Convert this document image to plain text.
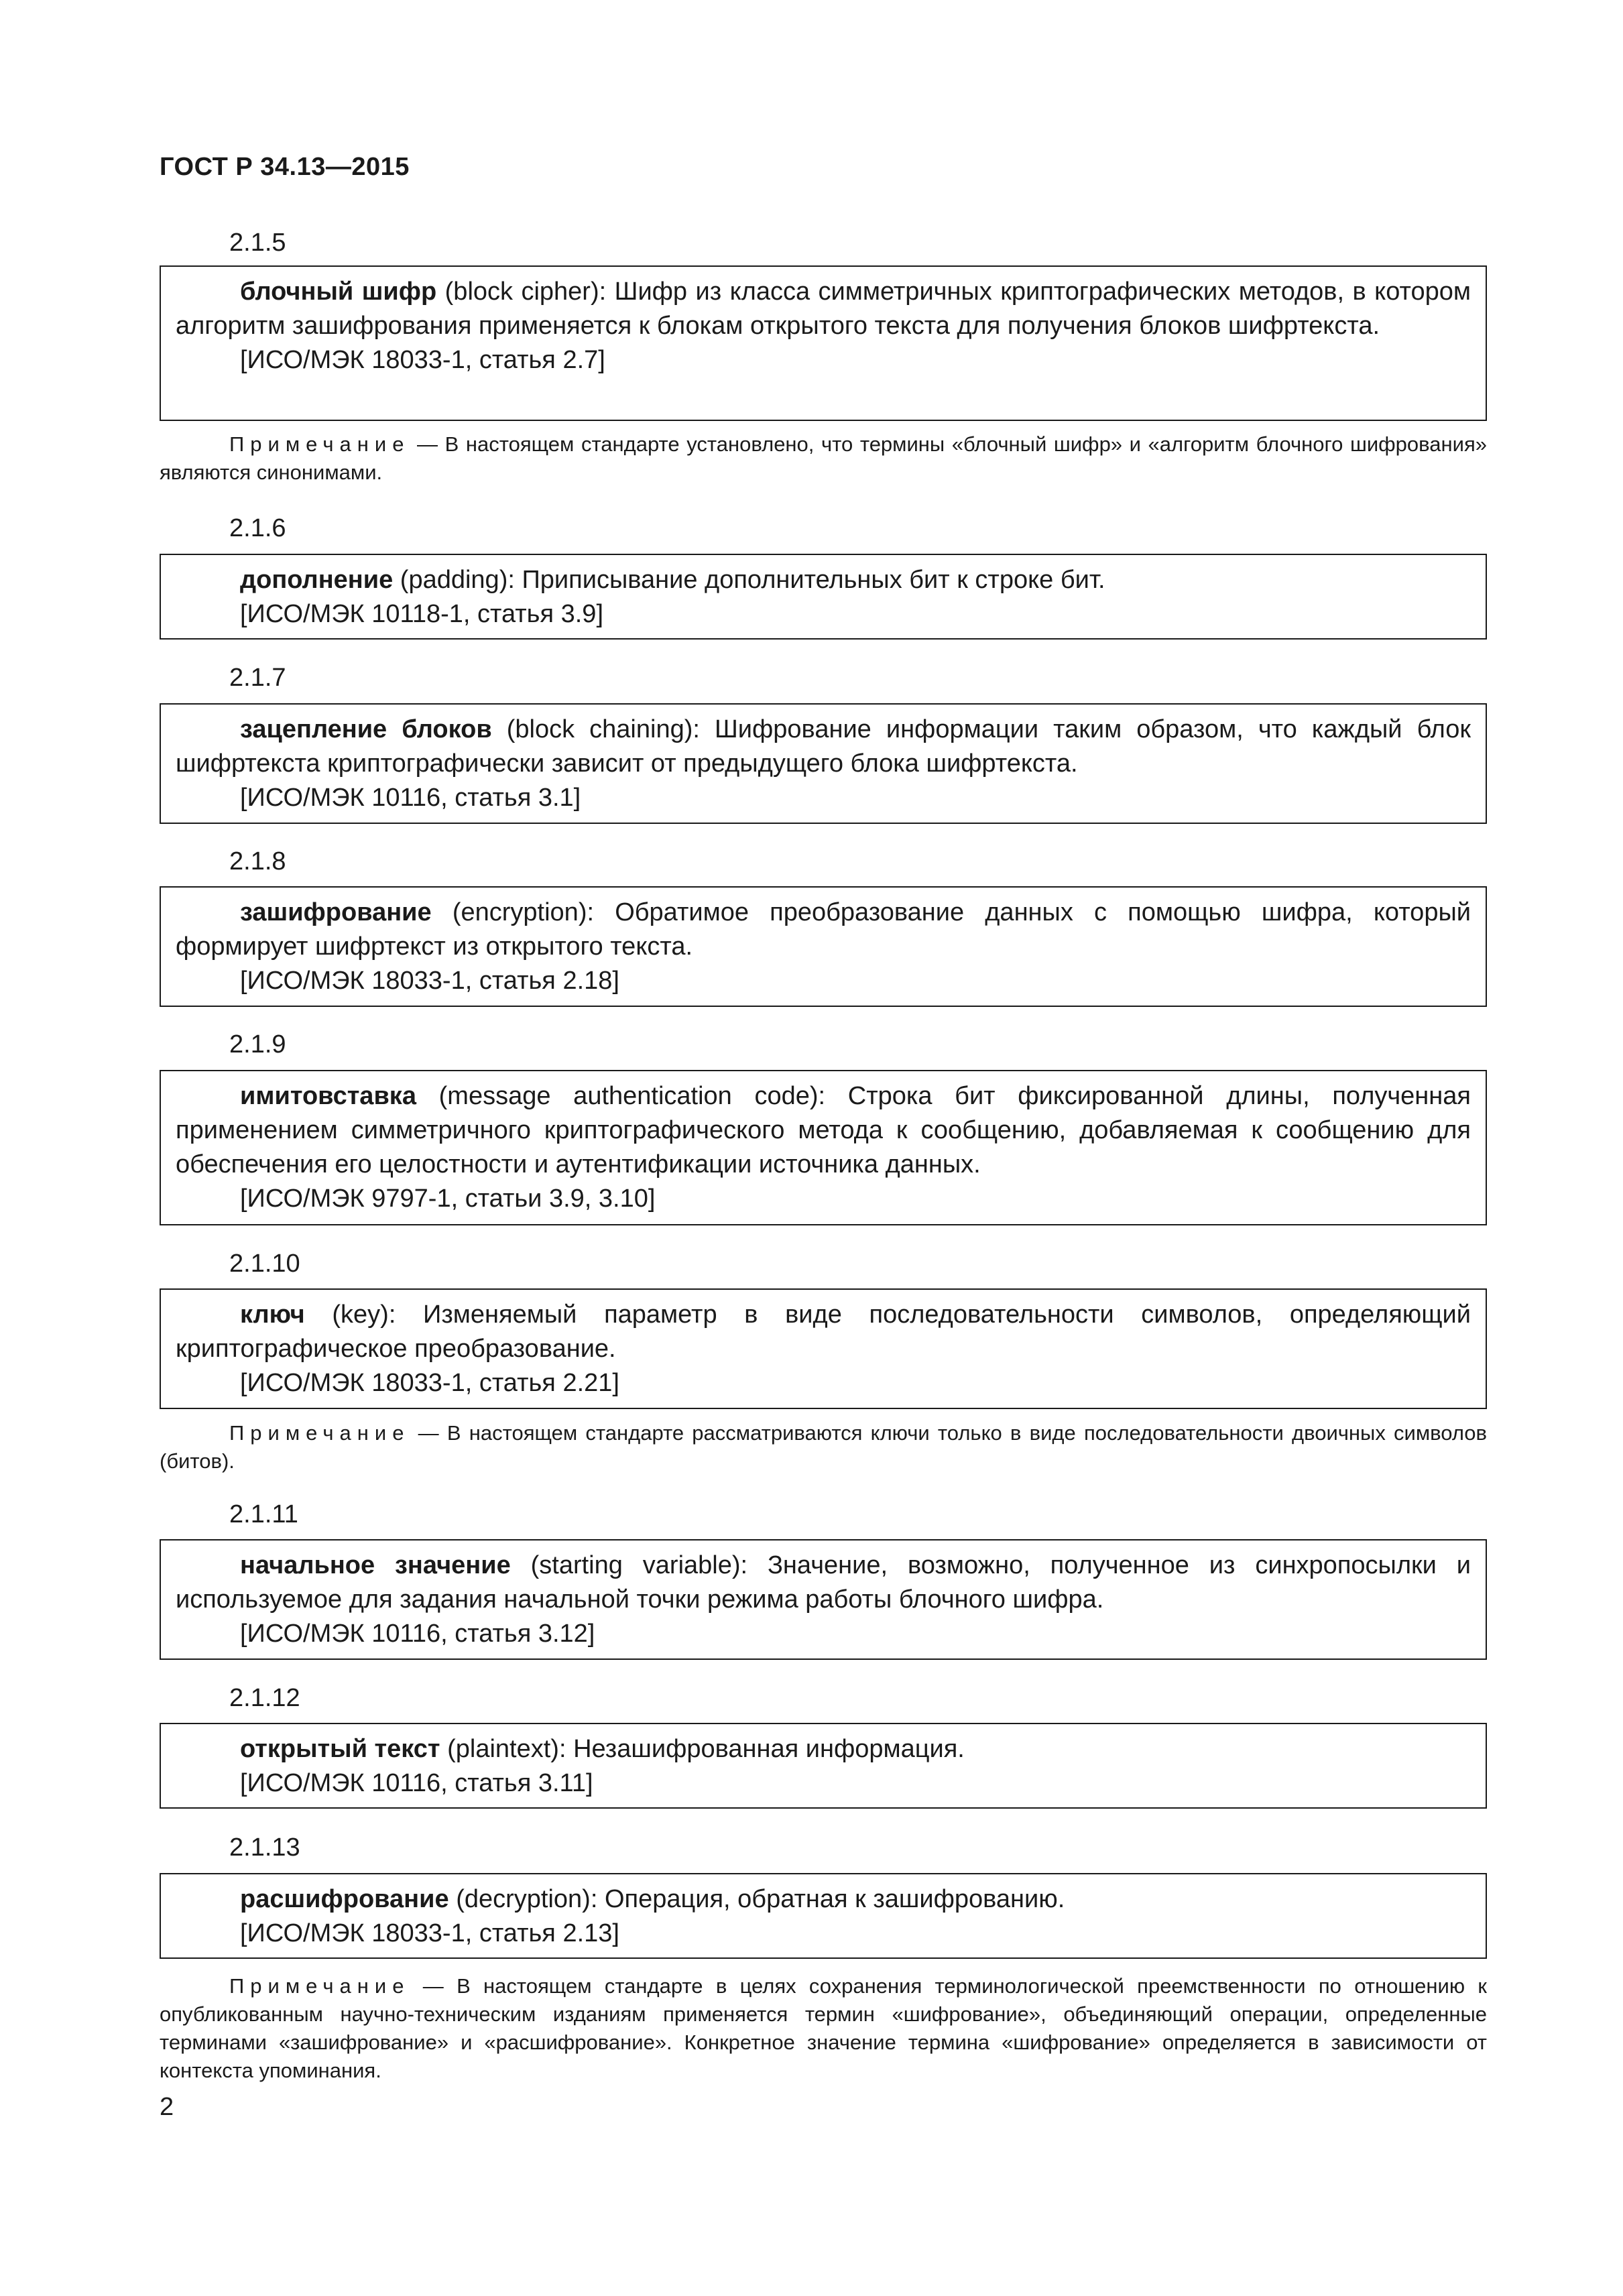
ГОСТ Р 34.13—2015
2.1.5

блочный шифр (block cipher): Шифр из класса симметричных криптографических методов, в котором алгоритм зашифрования применяется к блокам открытого текста для получения блоков шифртекста.

[ИСО/МЭК 18033-1, статья 2.7]

Примечание — В настоящем стандарте установлено, что термины «блочный шифр» и «алгоритм блочного шифрования» являются синонимами.
2.1.6

дополнение (padding): Приписывание дополнительных бит к строке бит.

[ИСО/МЭК 10118-1, статья 3.9]

2.1.7

зацепление блоков (block chaining): Шифрование информации таким образом, что каждый блок шифртекста криптографически зависит от предыдущего блока шифртекста.

[ИСО/МЭК 10116, статья 3.1]

2.1.8

зашифрование (encryption): Обратимое преобразование данных с помощью шифра, который формирует шифртекст из открытого текста.

[ИСО/МЭК 18033-1, статья 2.18]

2.1.9

имитовставка (message authentication code): Строка бит фиксированной длины, полученная применением симметричного криптографического метода к сообщению, добавляемая к сообщению для обеспечения его целостности и аутентификации источника данных.

[ИСО/МЭК 9797-1, статьи 3.9, 3.10]

2.1.10

ключ (key): Изменяемый параметр в виде последовательности символов, определяющий криптографическое преобразование.

[ИСО/МЭК 18033-1, статья 2.21]

Примечание — В настоящем стандарте рассматриваются ключи только в виде последовательности двоичных символов (битов).
2.1.11

начальное значение (starting variable): Значение, возможно, полученное из синхропосылки и используемое для задания начальной точки режима работы блочного шифра.

[ИСО/МЭК 10116, статья 3.12]

2.1.12

открытый текст (plaintext): Незашифрованная информация.

[ИСО/МЭК 10116, статья 3.11]

2.1.13

расшифрование (decryption): Операция, обратная к зашифрованию.

[ИСО/МЭК 18033-1, статья 2.13]

Примечание — В настоящем стандарте в целях сохранения терминологической преемственности по отношению к опубликованным научно-техническим изданиям применяется термин «шифрование», объединяющий операции, определенные терминами «зашифрование» и «расшифрование». Конкретное значение термина «шифрование» определяется в зависимости от контекста упоминания.
2
